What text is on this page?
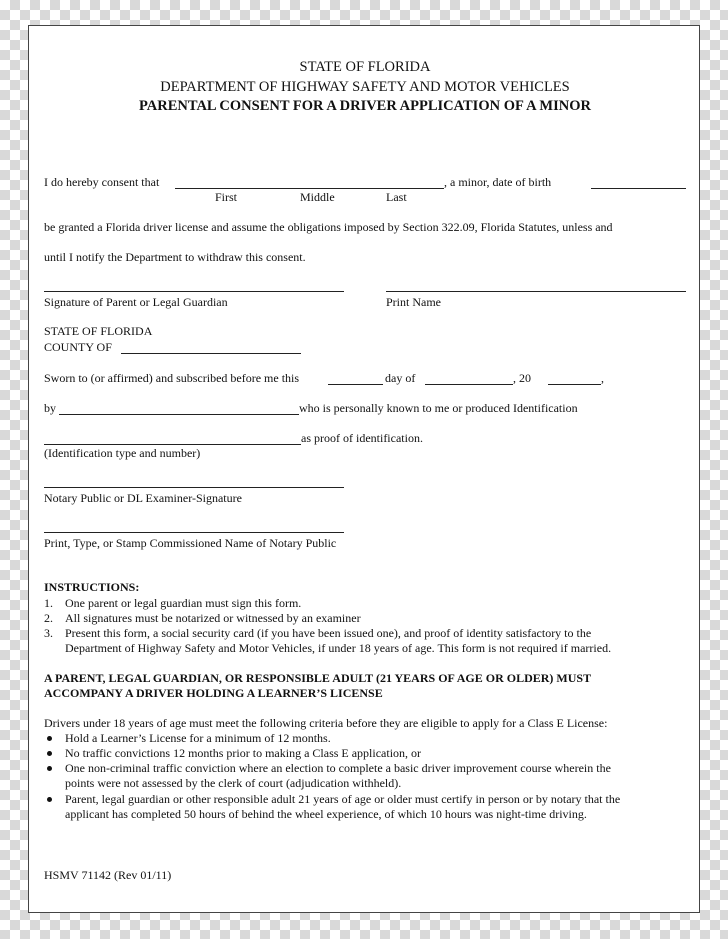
STATE OF FLORIDA
DEPARTMENT OF HIGHWAY SAFETY AND MOTOR VEHICLES
PARENTAL CONSENT FOR A DRIVER APPLICATION OF A MINOR
I do hereby consent that	, a minor, date of birth
First	Middle	Last
be granted a Florida driver license and assume the obligations imposed by Section 322.09, Florida Statutes, unless and
until I notify the Department to withdraw this consent.
Signature of Parent or Legal Guardian	Print Name
STATE OF FLORIDA
COUNTY OF
Sworn to (or affirmed) and subscribed before me this	day of	, 20	,
by	who is personally known to me or produced Identification
as proof of identification.
(Identification type and number)
Notary Public or DL Examiner-Signature
Print, Type, or Stamp Commissioned Name of Notary Public
INSTRUCTIONS:
1. One parent or legal guardian must sign this form.
2. All signatures must be notarized or witnessed by an examiner
3. Present this form, a social security card (if you have been issued one), and proof of identity satisfactory to the
Department of Highway Safety and Motor Vehicles, if under 18 years of age. This form is not required if married.
A PARENT, LEGAL GUARDIAN, OR RESPONSIBLE ADULT (21 YEARS OF AGE OR OLDER) MUST
ACCOMPANY A DRIVER HOLDING A LEARNER’S LICENSE
Drivers under 18 years of age must meet the following criteria before they are eligible to apply for a Class E License:
Hold a Learner’s License for a minimum of 12 months.
No traffic convictions 12 months prior to making a Class E application, or
One non-criminal traffic conviction where an election to complete a basic driver improvement course wherein the
points were not assessed by the clerk of court (adjudication withheld).
Parent, legal guardian or other responsible adult 21 years of age or older must certify in person or by notary that the
applicant has completed 50 hours of behind the wheel experience, of which 10 hours was night-time driving.
HSMV 71142 (Rev 01/11)
